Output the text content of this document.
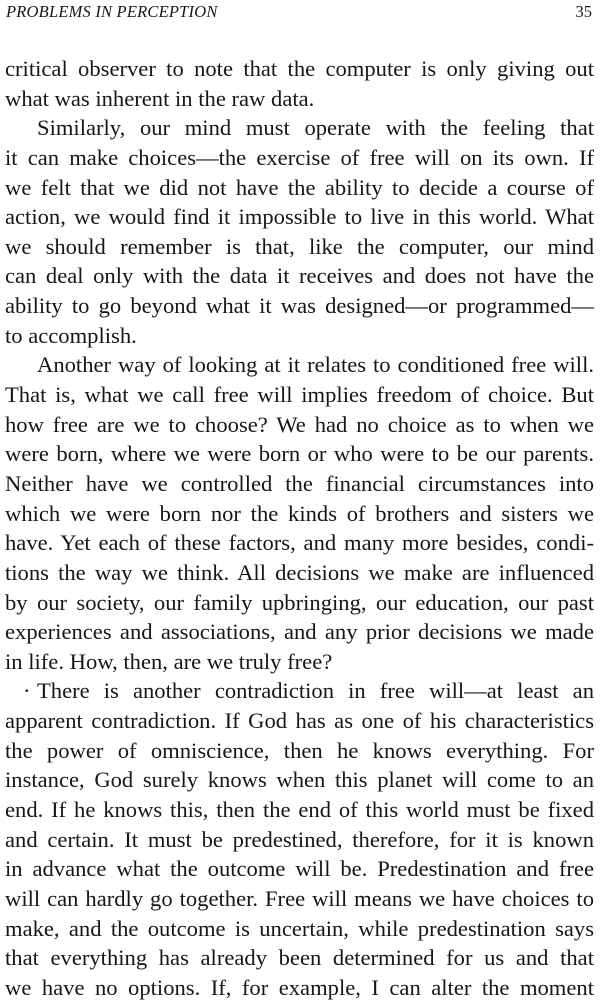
PROBLEMS IN PERCEPTION	35
critical observer to note that the computer is only giving out
what was inherent in the raw data.
Similarly, our mind must operate with the feeling that
it can make choices—the exercise of free will on its own. If
we felt that we did not have the ability to decide a course of
action, we would find it impossible to live in this world. What
we should remember is that, like the computer, our mind
can deal only with the data it receives and does not have the
ability to go beyond what it was designed—or programmed—
to accomplish.
Another way of looking at it relates to conditioned free will.
That is, what we call free will implies freedom of choice. But
how free are we to choose? We had no choice as to when we
were born, where we were born or who were to be our parents.
Neither have we controlled the financial circumstances into
which we were born nor the kinds of brothers and sisters we
have. Yet each of these factors, and many more besides, condi-
tions the way we think. All decisions we make are influenced
by our society, our family upbringing, our education, our past
experiences and associations, and any prior decisions we made
in life. How, then, are we truly free?
· There is another contradiction in free will—at least an
apparent contradiction. If God has as one of his characteristics
the power of omniscience, then he knows everything. For
instance, God surely knows when this planet will come to an
end. If he knows this, then the end of this world must be fixed
and certain. It must be predestined, therefore, for it is known
in advance what the outcome will be. Predestination and free
will can hardly go together. Free will means we have choices to
make, and the outcome is uncertain, while predestination says
that everything has already been determined for us and that
we have no options. If, for example, I can alter the moment
